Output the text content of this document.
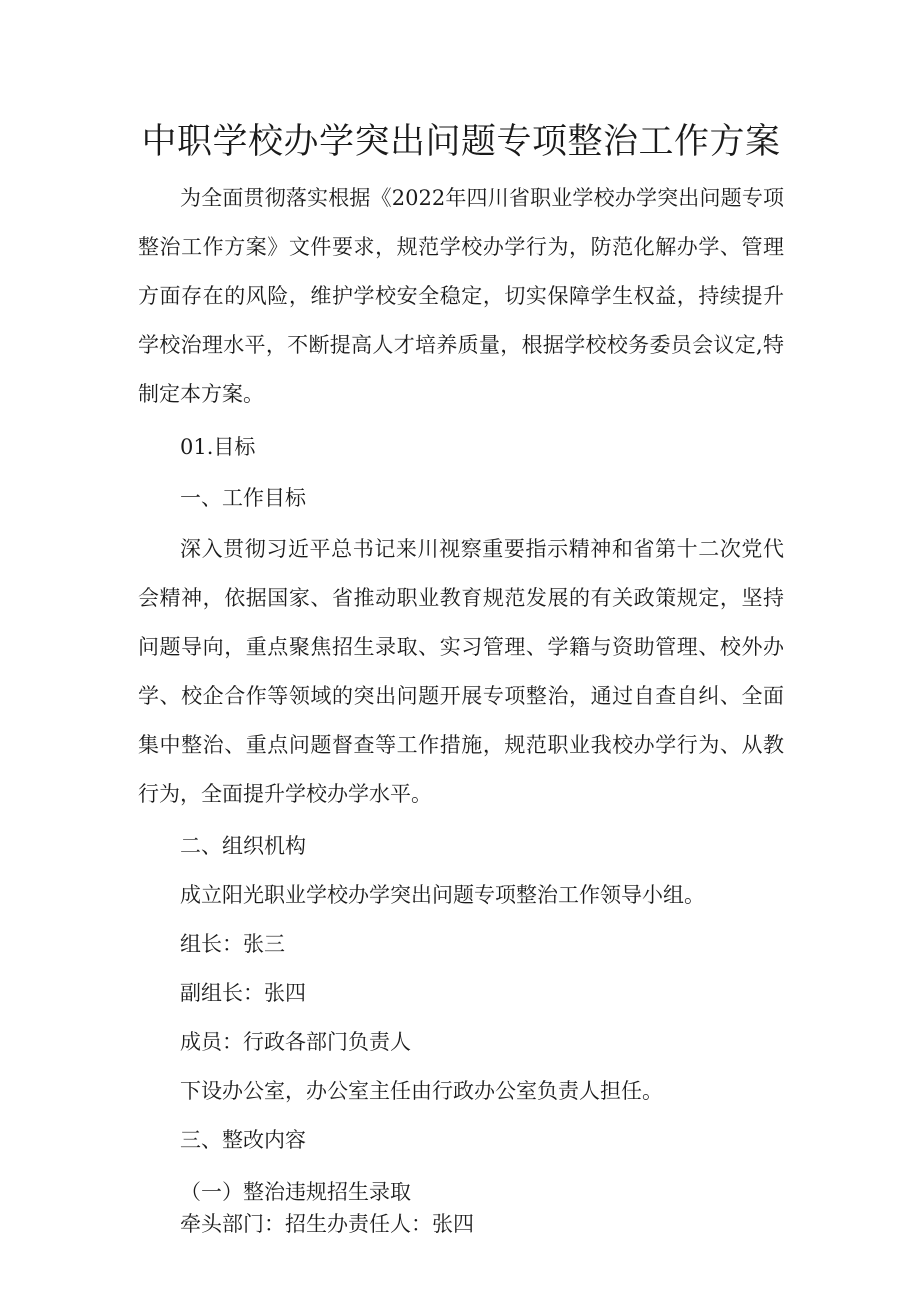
中职学校办学突出问题专项整治工作方案

为全面贯彻落实根据《2022年四川省职业学校办学突出问题专项整治工作方案》文件要求，规范学校办学行为，防范化解办学、管理方面存在的风险，维护学校安全稳定，切实保障学生权益，持续提升学校治理水平，不断提高人才培养质量，根据学校校务委员会议定,特制定本方案。

01.目标

一、工作目标

深入贯彻习近平总书记来川视察重要指示精神和省第十二次党代会精神，依据国家、省推动职业教育规范发展的有关政策规定，坚持问题导向，重点聚焦招生录取、实习管理、学籍与资助管理、校外办学、校企合作等领域的突出问题开展专项整治，通过自查自纠、全面集中整治、重点问题督查等工作措施，规范职业我校办学行为、从教行为，全面提升学校办学水平。

二、组织机构

成立阳光职业学校办学突出问题专项整治工作领导小组。

组长：张三

副组长：张四

成员：行政各部门负责人

下设办公室，办公室主任由行政办公室负责人担任。

三、整改内容

（一）整治违规招生录取

牵头部门：招生办责任人：张四
